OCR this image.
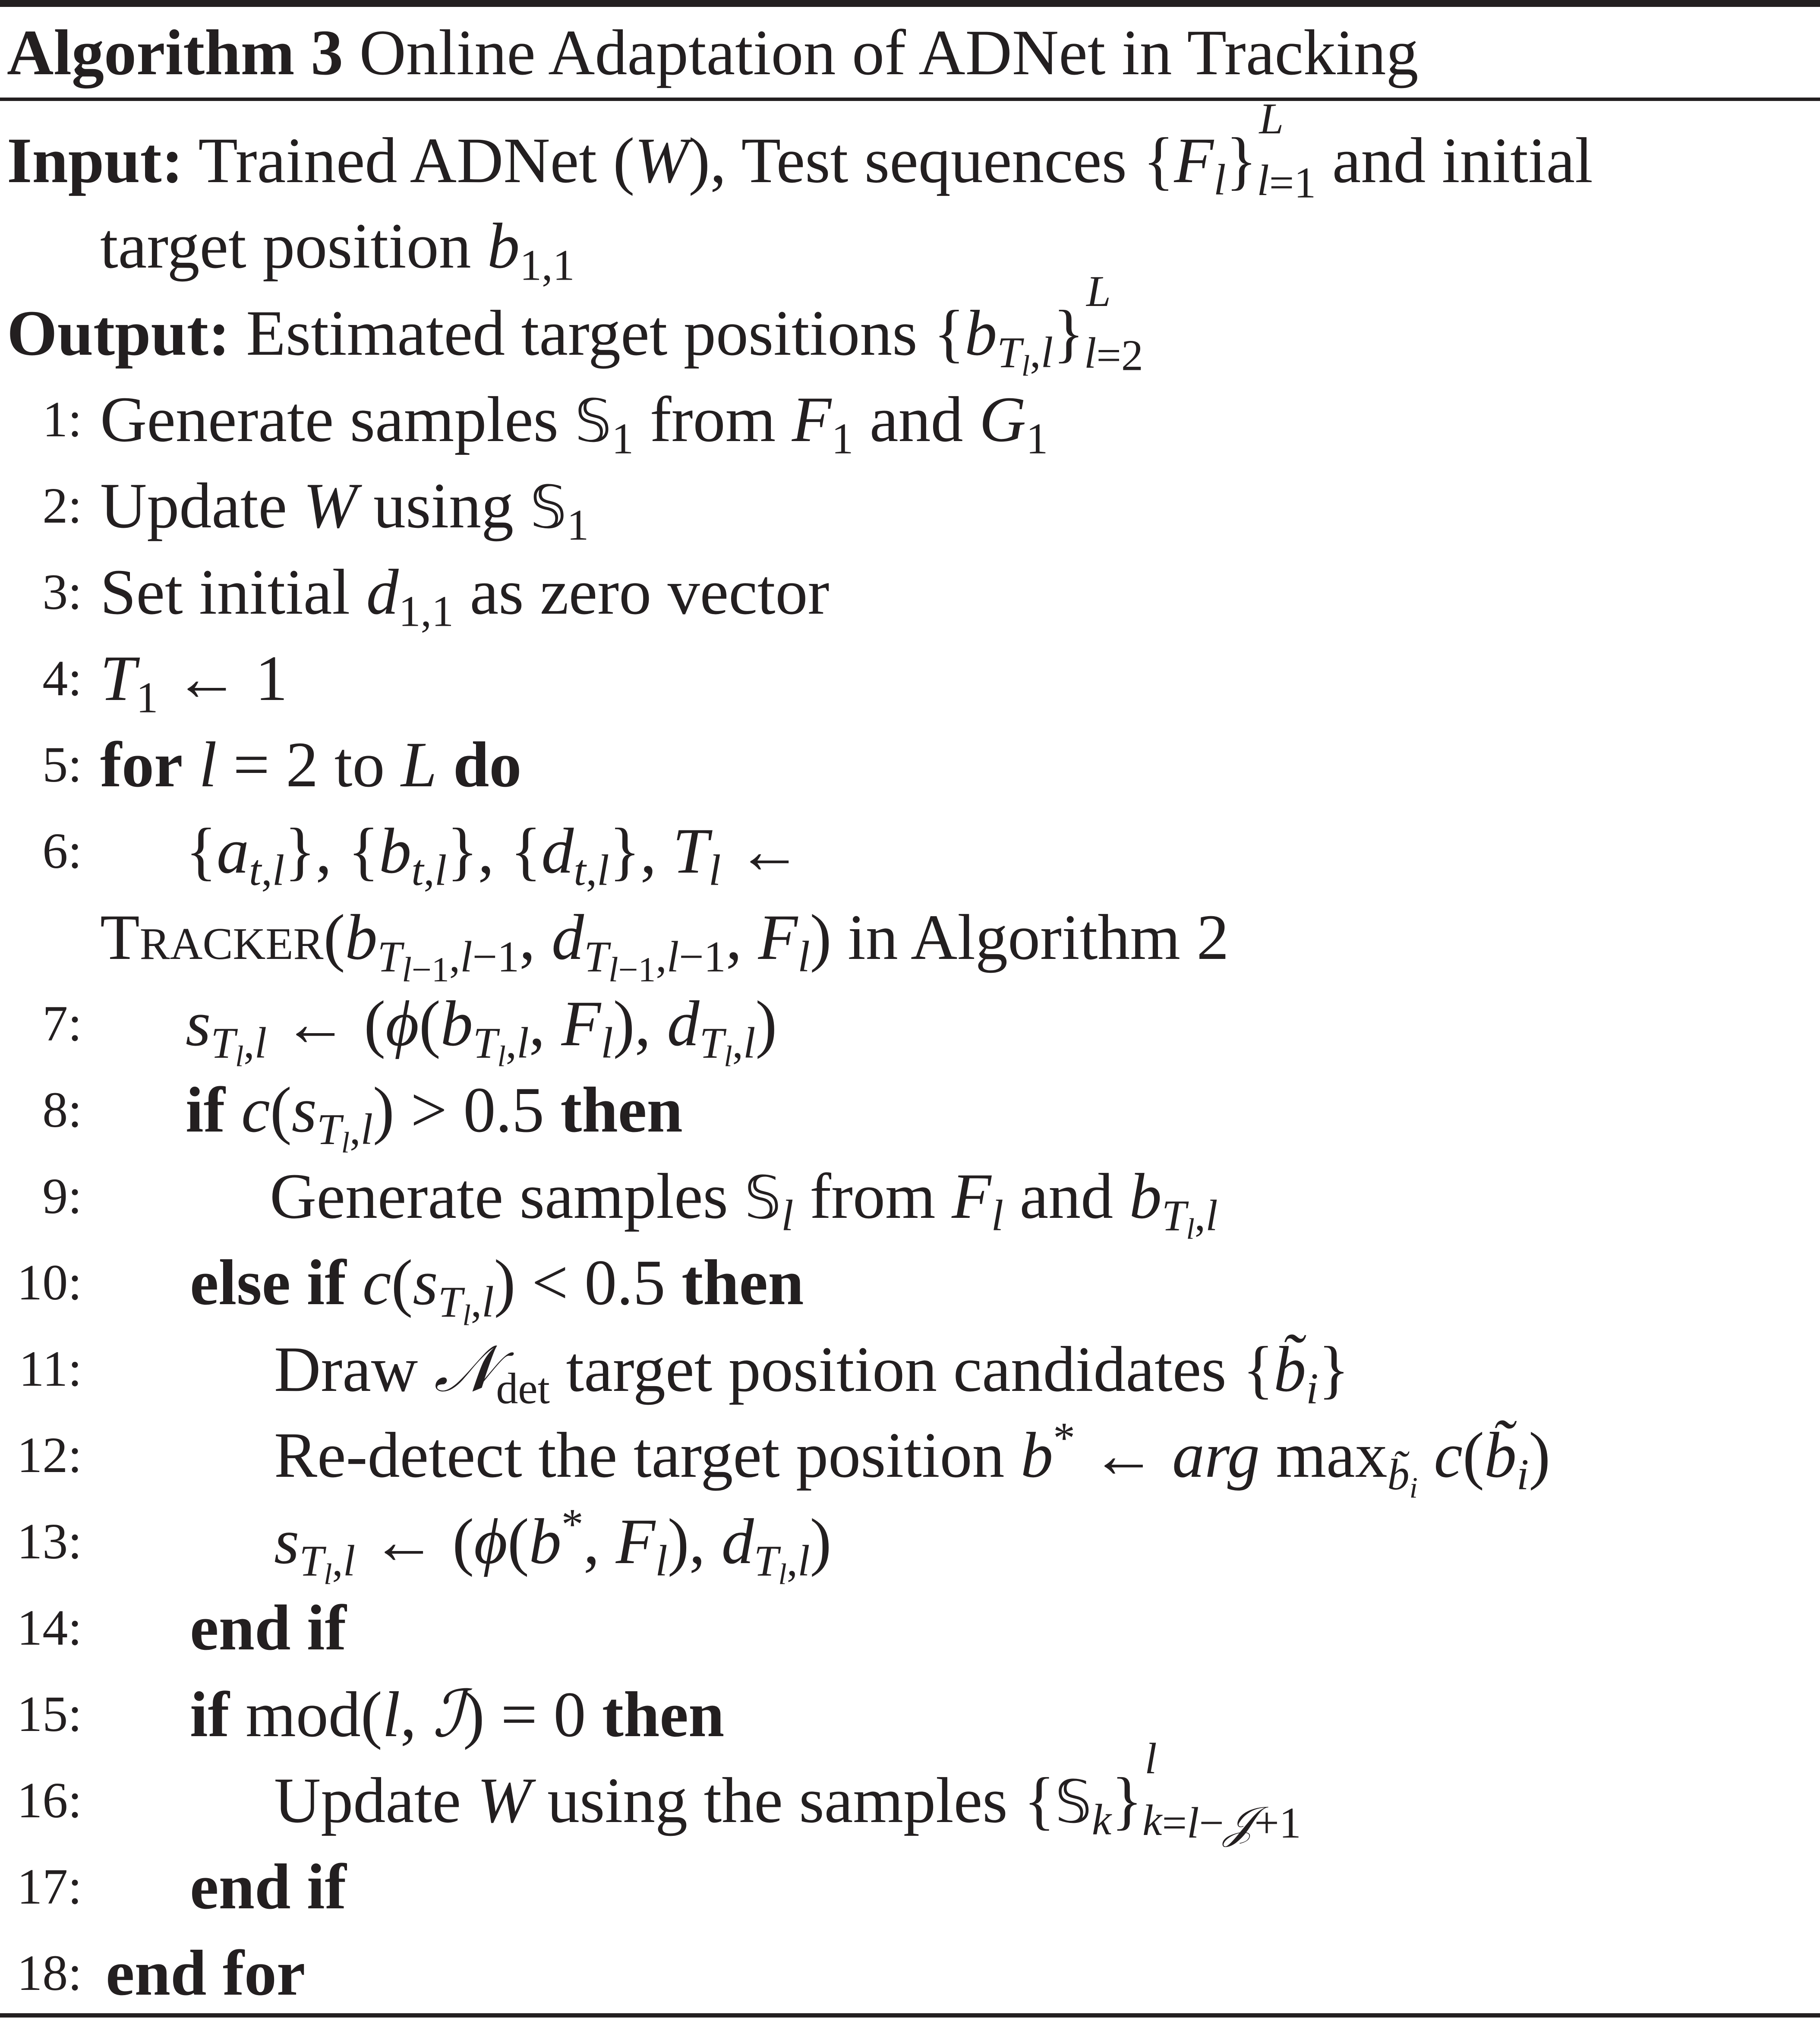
Algorithm 3 Online Adaptation of ADNet in Tracking
Input: Trained ADNet (W), Test sequences $\{F_l\}$
L
l $_{=1}$ and initial
target position $b_{1,1}$
Output: Estimated target positions $\{b_{T_l,l}\}$
L
l $_{=2}$
1: Generate samples 𝕊$_1$ from $F_1$ and $G_1$
2: Update W using 𝕊$_1$
3: Set initial $d_{1,1}$ as zero vector
4: $T_1$ ← 1
5: for l = 2 to L do
6: $\{a_{t,l}\}$, $\{b_{t,l}\}$, $\{d_{t,l}\}$, $T_l$ ←
$Tracker(b_{T_{l-1},l-1}$, $d_{T_{l-1},l-1}$, $F_l$) in Algorithm 2
7: $s_{T_l,l}$ ← ($\phi(b_{T_l,l}$, $F_l$), $d_{T_l,l}$)
8: if $c(s_{T_l,l}) > 0.5$ then
9:	Generate samples 𝕊$_l$ from $F_l$ and $b_{T_l,l}$
10: else if $c(s_{T_l,l}) < 0.5$ then
11:	Draw 𝒩$_{det}$ target position candidates $\{b̃_i\}$
12:	Re-detect the target position b* ← arg $\max_{b̃_i}$ $c(b̃_i)$
13:	$s_{T_l,l}$ ← (ϕ(b*, $F_l$), $d_{T_l,l}$)
14: end if
15: if mod(l, ℐ) = 0 then
16:	Update W using the samples {𝕊$_k$}
l
k $_{=l-𝒥+1}$
17: end if
18: end for
